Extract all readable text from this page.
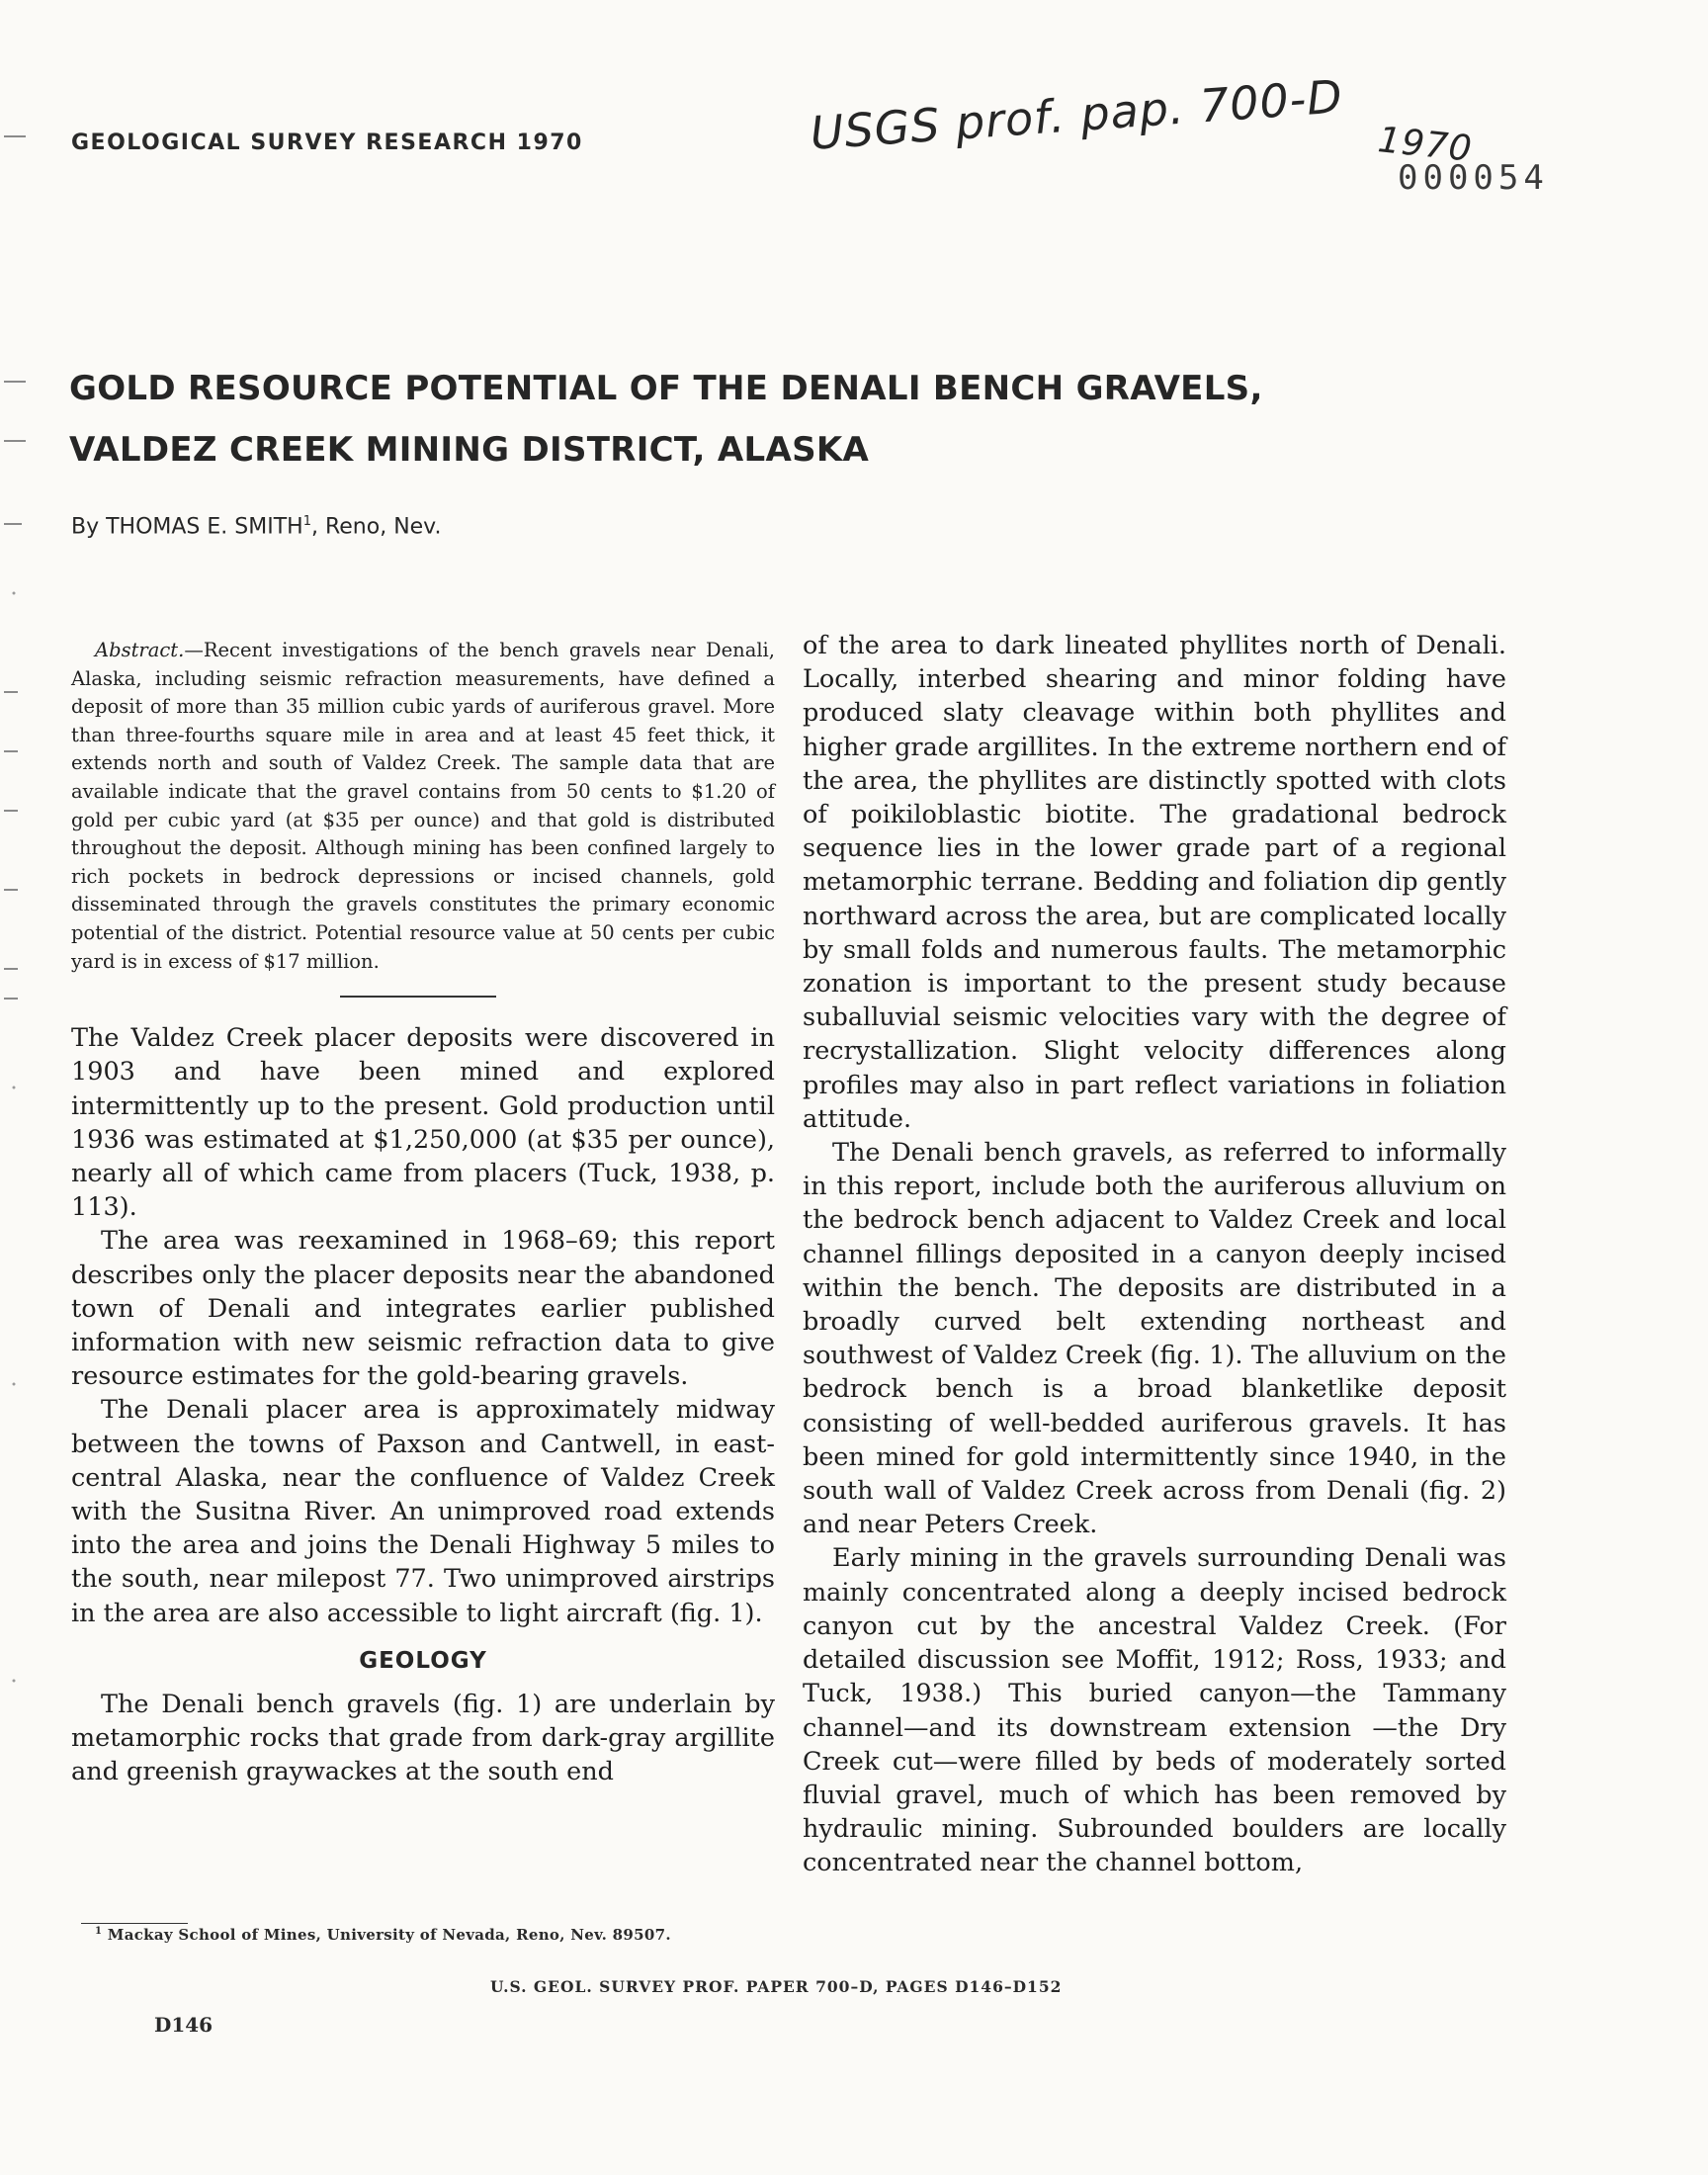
GEOLOGICAL SURVEY RESEARCH 1970	USGS prof. pap. 700-D 1970
000054
GOLD RESOURCE POTENTIAL OF THE DENALI BENCH GRAVELS,
VALDEZ CREEK MINING DISTRICT, ALASKA
By THOMAS E. SMITH$^1$, Reno, Nev.

Abstract.—Recent investigations of the bench gravels near Denali, Alaska, including seismic refraction measurements, have defined a deposit of more than 35 million cubic yards of auriferous gravel. More than three-fourths square mile in area and at least 45 feet thick, it extends north and south of Valdez Creek. The sample data that are available indicate that the gravel contains from 50 cents to $1.20 of gold per cubic yard (at $35 per ounce) and that gold is distributed throughout the deposit. Although mining has been confined largely to rich pockets in bedrock depressions or incised channels, gold disseminated through the gravels constitutes the primary economic potential of the district. Potential resource value at 50 cents per cubic yard is in excess of $17 million.

The Valdez Creek placer deposits were discovered in 1903 and have been mined and explored intermittently up to the present. Gold production until 1936 was estimated at $1,250,000 (at $35 per ounce), nearly all of which came from placers (Tuck, 1938, p. 113).

The area was reexamined in 1968–69; this report describes only the placer deposits near the abandoned town of Denali and integrates earlier published information with new seismic refraction data to give resource estimates for the gold-bearing gravels.

The Denali placer area is approximately midway between the towns of Paxson and Cantwell, in east-central Alaska, near the confluence of Valdez Creek with the Susitna River. An unimproved road extends into the area and joins the Denali Highway 5 miles to the south, near milepost 77. Two unimproved airstrips in the area are also accessible to light aircraft (fig. 1).

GEOLOGY

The Denali bench gravels (fig. 1) are underlain by metamorphic rocks that grade from dark-gray argillite and greenish graywackes at the south end

of the area to dark lineated phyllites north of Denali. Locally, interbed shearing and minor folding have produced slaty cleavage within both phyllites and higher grade argillites. In the extreme northern end of the area, the phyllites are distinctly spotted with clots of poikiloblastic biotite. The gradational bedrock sequence lies in the lower grade part of a regional metamorphic terrane. Bedding and foliation dip gently northward across the area, but are complicated locally by small folds and numerous faults. The metamorphic zonation is important to the present study because suballuvial seismic velocities vary with the degree of recrystallization. Slight velocity differences along profiles may also in part reflect variations in foliation attitude.

The Denali bench gravels, as referred to informally in this report, include both the auriferous alluvium on the bedrock bench adjacent to Valdez Creek and local channel fillings deposited in a canyon deeply incised within the bench. The deposits are distributed in a broadly curved belt extending northeast and southwest of Valdez Creek (fig. 1). The alluvium on the bedrock bench is a broad blanketlike deposit consisting of well-bedded auriferous gravels. It has been mined for gold intermittently since 1940, in the south wall of Valdez Creek across from Denali (fig. 2) and near Peters Creek.

Early mining in the gravels surrounding Denali was mainly concentrated along a deeply incised bedrock canyon cut by the ancestral Valdez Creek. (For detailed discussion see Moffit, 1912; Ross, 1933; and Tuck, 1938.) This buried canyon—the Tammany channel—and its downstream extension —the Dry Creek cut—were filled by beds of moderately sorted fluvial gravel, much of which has been removed by hydraulic mining. Subrounded boulders are locally concentrated near the channel bottom,

$^1$ Mackay School of Mines, University of Nevada, Reno, Nev. 89507.
U.S. GEOL. SURVEY PROF. PAPER 700–D, PAGES D146–D152
D146
